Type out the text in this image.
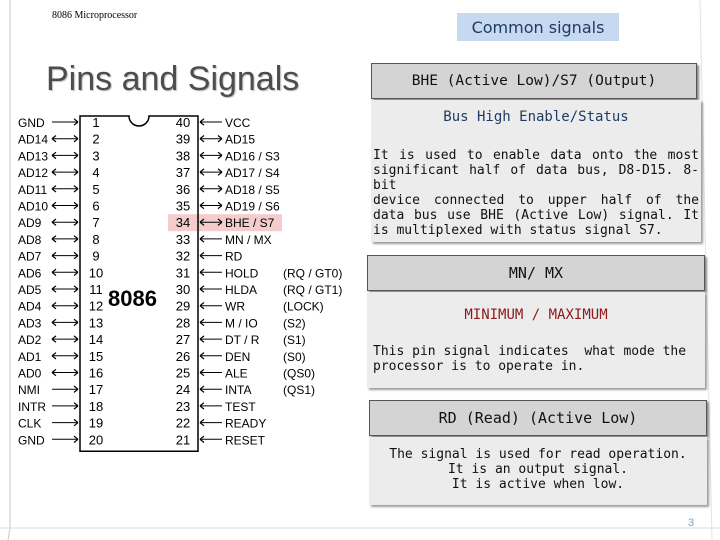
8086 Microprocessor
Common signals
Pins and Signals
8086
GND	1
AD14	2
AD13	3
AD12	4
AD11	5
AD10	6
AD9	7
AD8	8
AD7	9
AD6	10
AD5	11
AD4	12
AD3	13
AD2	14
AD1	15
AD0	16
NMI	17
INTR	18
CLK	19
GND	20
40	VCC
39	AD15
38	AD16 / S3
37	AD17 / S4
36	AD18 / S5
35	AD19 / S6
34	BHE / S7
33	MN / MX
32	RD
31	HOLD (RQ / GT0)
30	HLDA (RQ / GT1)
29	WR	(LOCK)
28	M / IO (S2)
27	DT / R (S1)
26	DEN	(S0)
25	ALE	(QS0)
24	INTA	(QS1)
23	TEST
22	READY
21	RESET
BHE (Active Low)/S7 (Output)
Bus High Enable/Status
It is used to enable data onto the most
significant half of data bus, D8-D15. 8-bit
device connected to upper half of the
data bus use BHE (Active Low) signal. It
is multiplexed with status signal S7.
MN/ MX
MINIMUM / MAXIMUM
This pin signal indicates  what mode the
processor is to operate in.
RD (Read) (Active Low)
The signal is used for read operation.
It is an output signal.
It is active when low.
3
